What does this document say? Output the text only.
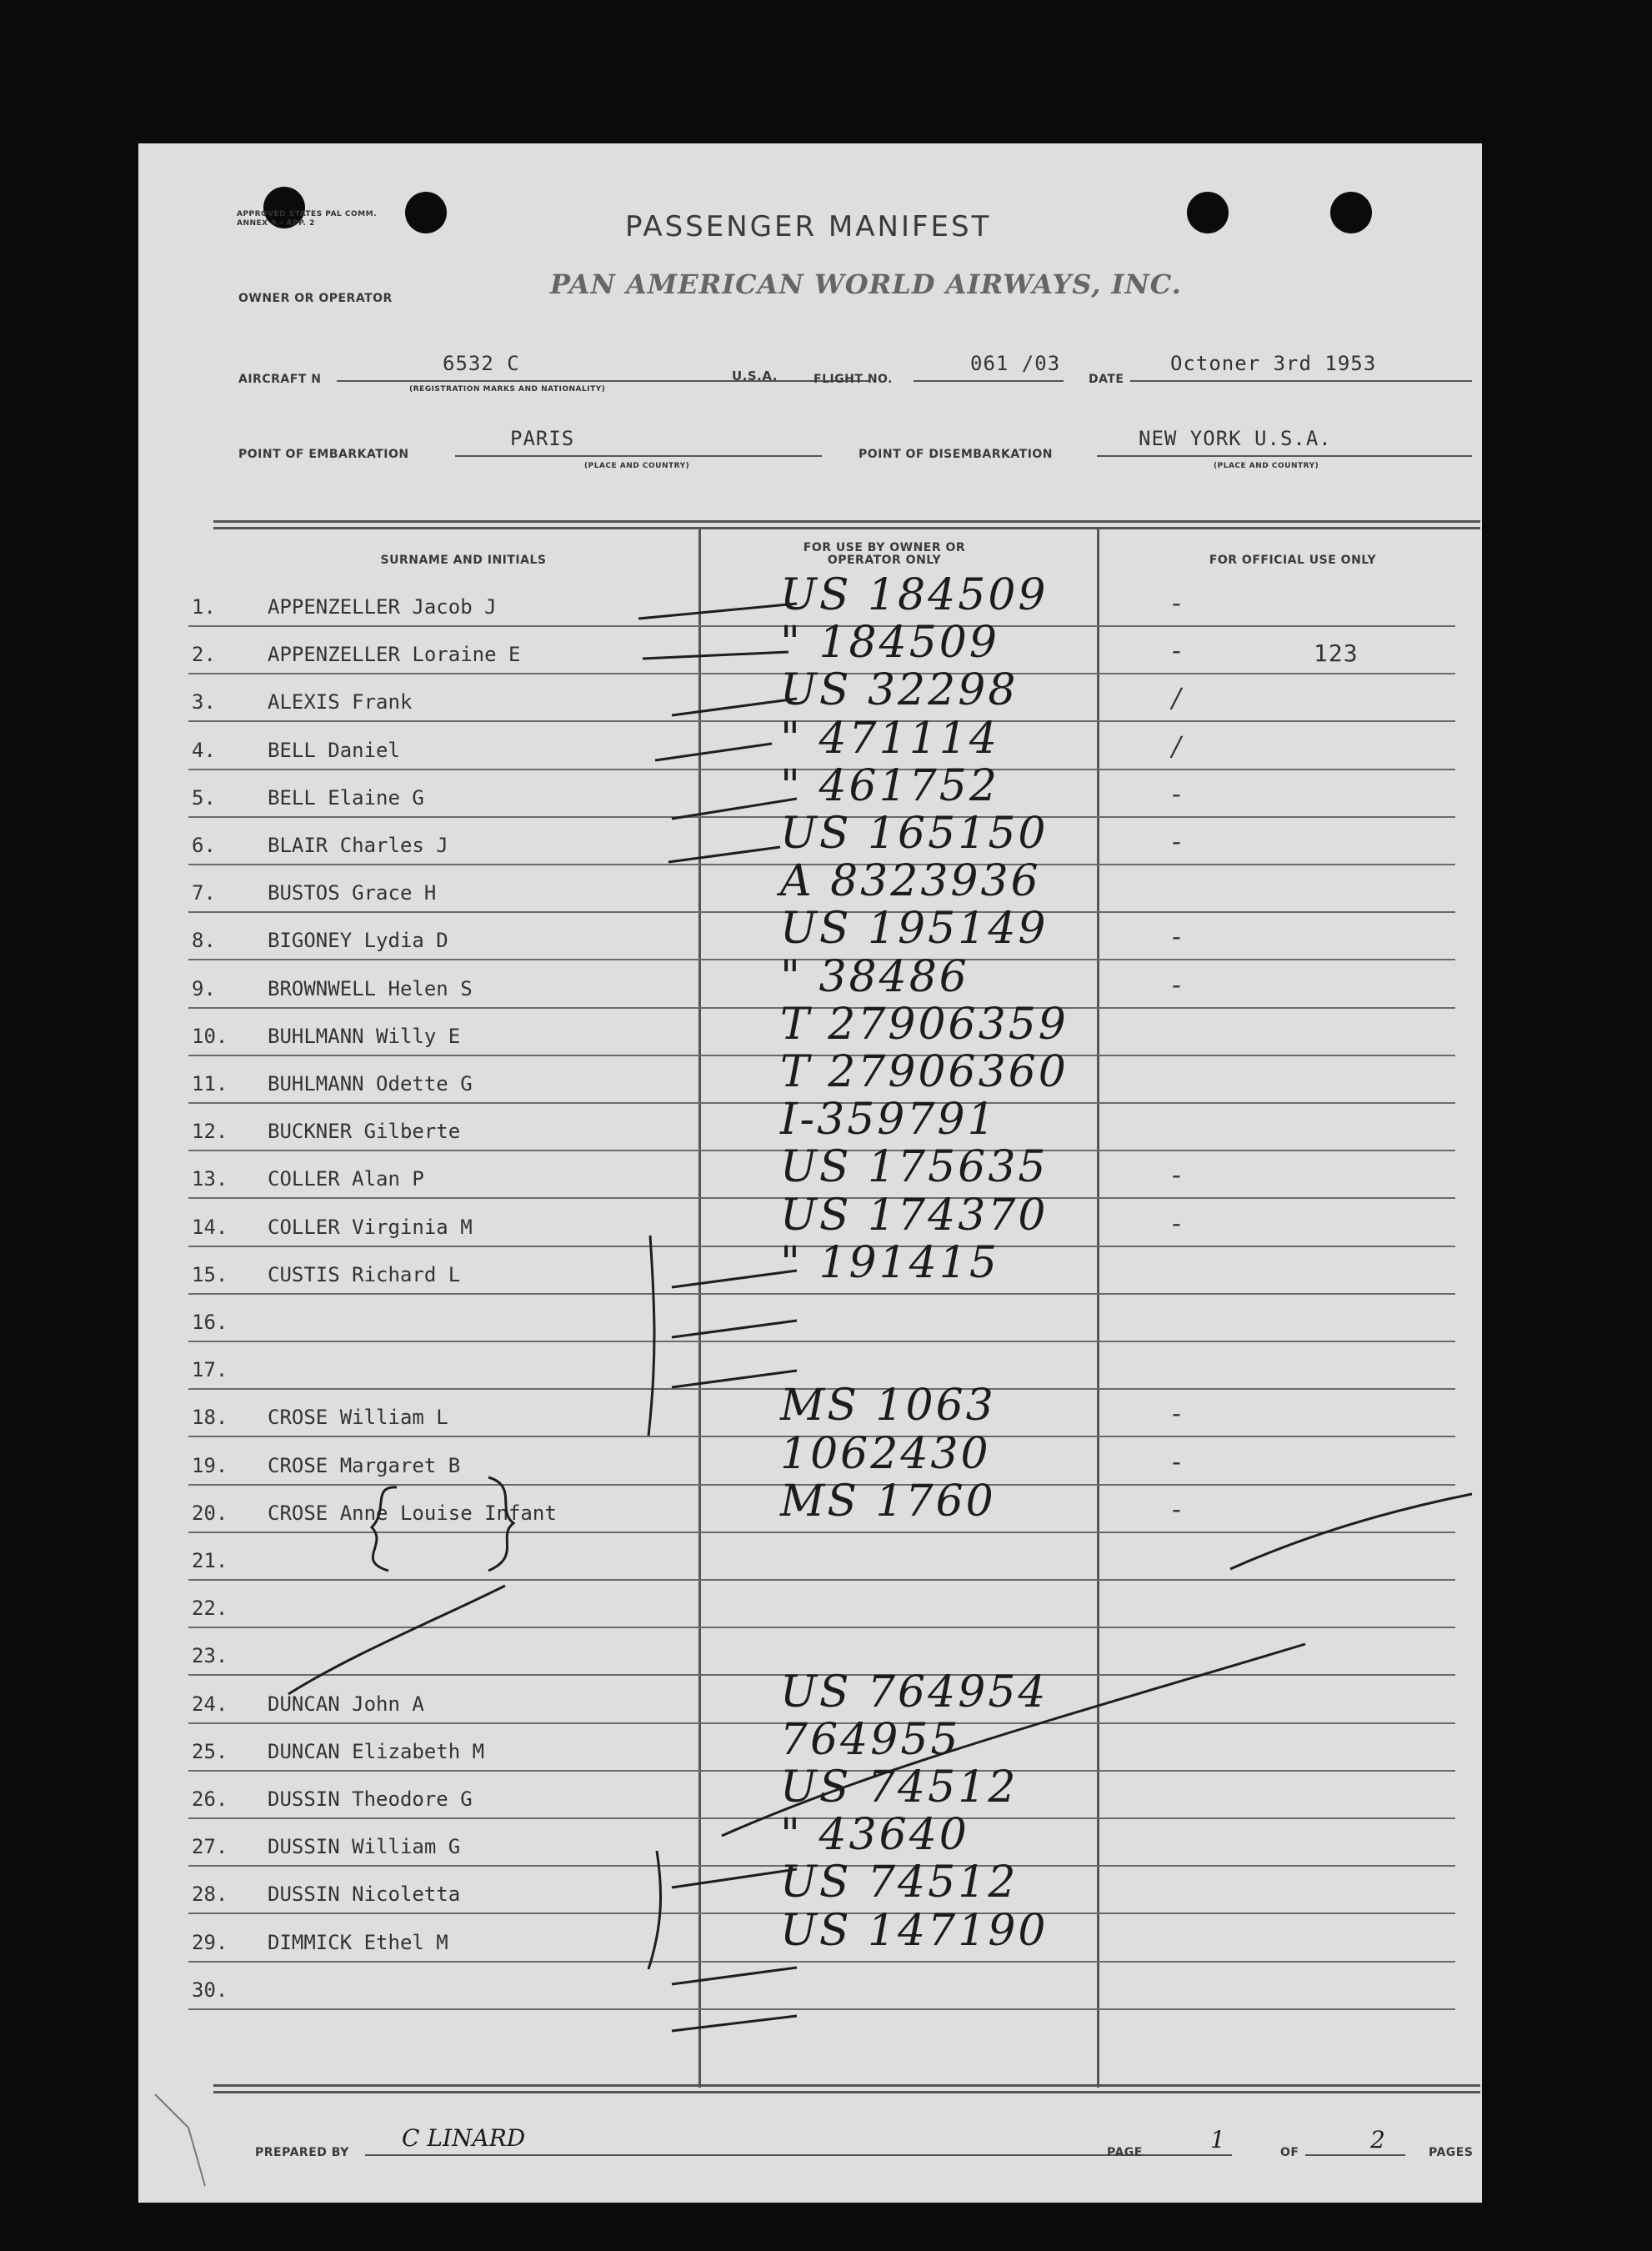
APPROVED STATES PAL COMM. ANNEX 9 - APP. 2	PASSENGER MANIFEST
OWNER OR OPERATOR	PAN AMERICAN WORLD AIRWAYS, INC.
AIRCRAFT N
6532 C
(REGISTRATION MARKS AND NATIONALITY)
U.S.A.	FLIGHT NO.
061 /03
DATE
Octoner 3rd 1953
POINT OF EMBARKATION
PARIS
(PLACE AND COUNTRY)
POINT OF DISEMBARKATION
NEW YORK U.S.A.
(PLACE AND COUNTRY)
SURNAME AND INITIALS
FOR USE BY OWNER OR OPERATOR ONLY	FOR OFFICIAL USE ONLY
1.	APPENZELLER Jacob J	US 184509	-
2.	APPENZELLER Loraine E	" 184509	-	123
3.	ALEXIS Frank	US 32298	/
4.	BELL Daniel	" 471114	/
5.	BELL Elaine G	" 461752	-
6.	BLAIR Charles J	US 165150	-
7.	BUSTOS Grace H	A 8323936
8.	BIGONEY Lydia D	US 195149	-
9.	BROWNWELL Helen S	" 38486	-
10. BUHLMANN Willy E	T 27906359
11. BUHLMANN Odette G	T 27906360
12. BUCKNER Gilberte	I-359791
13. COLLER Alan P	US 175635	-
14. COLLER Virginia M	US 174370	-
15. CUSTIS Richard L	" 191415
16.
17.
18. CROSE William L	MS 1063	-
19. CROSE Margaret B	1062430	-
20. CROSE Anne Louise Infant	MS 1760	-
21.
22.
23.
24. DUNCAN John A	US 764954
25. DUNCAN Elizabeth M	764955
26. DUSSIN Theodore G	US 74512
27. DUSSIN William G	" 43640
28. DUSSIN Nicoletta	US 74512
29. DIMMICK Ethel M	US 147190
30.
PREPARED BY
C LINARD
PAGE	1	OF	2	PAGES
